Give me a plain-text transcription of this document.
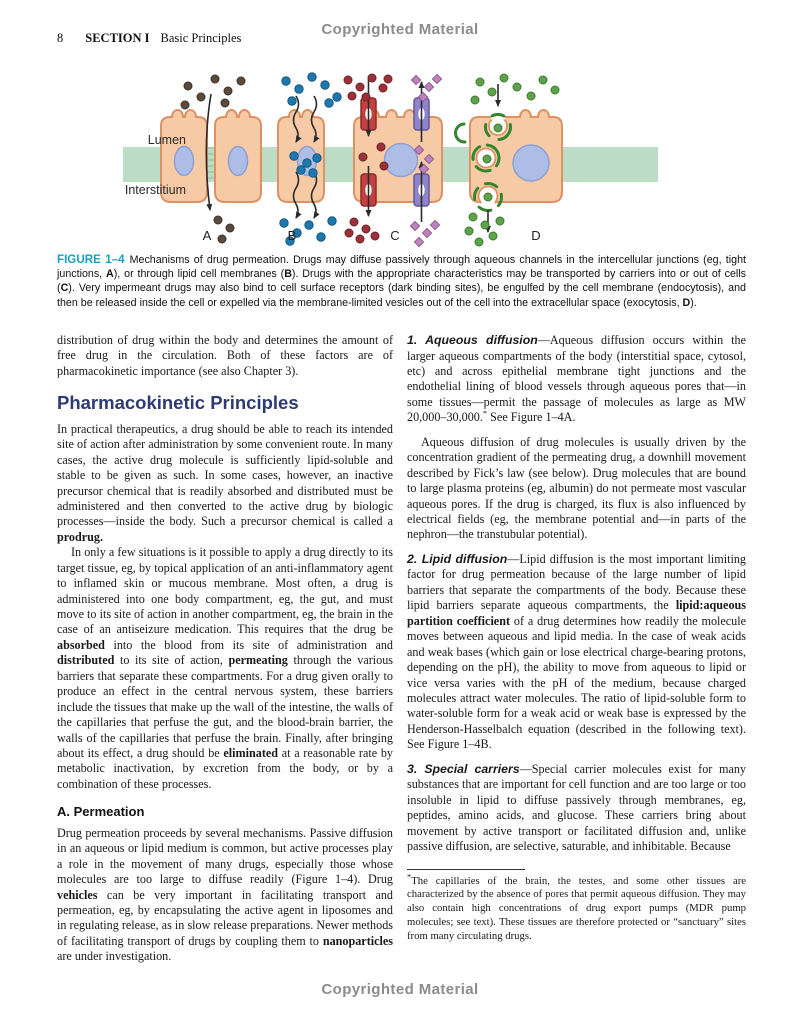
Copyrighted Material
8 SECTION I Basic Principles
Lumen
Interstitium
A	B	C	D
FIGURE 1–4 Mechanisms of drug permeation. Drugs may diffuse passively through aqueous channels in the intercellular junctions (eg, tight junctions, A), or through lipid cell membranes (B). Drugs with the appropriate characteristics may be transported by carriers into or out of cells (C). Very impermeant drugs may also bind to cell surface receptors (dark binding sites), be engulfed by the cell membrane (endocytosis), and then be released inside the cell or expelled via the membrane-limited vesicles out of the cell into the extracellular space (exocytosis, D).

distribution of drug within the body and determines the amount of free drug in the circulation. Both of these factors are of pharmacokinetic importance (see also Chapter 3).

Pharmacokinetic Principles

In practical therapeutics, a drug should be able to reach its intended site of action after administration by some convenient route. In many cases, the active drug molecule is sufficiently lipid-soluble and stable to be given as such. In some cases, however, an inactive precursor chemical that is readily absorbed and distributed must be administered and then converted to the active drug by biologic processes—inside the body. Such a precursor chemical is called a prodrug.

In only a few situations is it possible to apply a drug directly to its target tissue, eg, by topical application of an anti-inflammatory agent to inflamed skin or mucous membrane. Most often, a drug is administered into one body compartment, eg, the gut, and must move to its site of action in another compartment, eg, the brain in the case of an antiseizure medication. This requires that the drug be absorbed into the blood from its site of administration and distributed to its site of action, permeating through the various barriers that separate these compartments. For a drug given orally to produce an effect in the central nervous system, these barriers include the tissues that make up the wall of the intestine, the walls of the capillaries that perfuse the gut, and the blood-brain barrier, the walls of the capillaries that perfuse the brain. Finally, after bringing about its effect, a drug should be eliminated at a reasonable rate by metabolic inactivation, by excretion from the body, or by a combination of these processes.

A. Permeation

Drug permeation proceeds by several mechanisms. Passive diffusion in an aqueous or lipid medium is common, but active processes play a role in the movement of many drugs, especially those whose molecules are too large to diffuse readily (Figure 1–4). Drug vehicles can be very important in facilitating transport and permeation, eg, by encapsulating the active agent in liposomes and in regulating release, as in slow release preparations. Newer methods of facilitating transport of drugs by coupling them to nanoparticles are under investigation.

1. Aqueous diffusion—Aqueous diffusion occurs within the larger aqueous compartments of the body (interstitial space, cytosol, etc) and across epithelial membrane tight junctions and the endothelial lining of blood vessels through aqueous pores that—in some tissues—permit the passage of molecules as large as MW 20,000–30,000.* See Figure 1–4A.

Aqueous diffusion of drug molecules is usually driven by the concentration gradient of the permeating drug, a downhill movement described by Fick’s law (see below). Drug molecules that are bound to large plasma proteins (eg, albumin) do not permeate most vascular aqueous pores. If the drug is charged, its flux is also influenced by electrical fields (eg, the membrane potential and—in parts of the nephron—the transtubular potential).

2. Lipid diffusion—Lipid diffusion is the most important limiting factor for drug permeation because of the large number of lipid barriers that separate the compartments of the body. Because these lipid barriers separate aqueous compartments, the lipid:aqueous partition coefficient of a drug determines how readily the molecule moves between aqueous and lipid media. In the case of weak acids and weak bases (which gain or lose electrical charge-bearing protons, depending on the pH), the ability to move from aqueous to lipid or vice versa varies with the pH of the medium, because charged molecules attract water molecules. The ratio of lipid-soluble form to water-soluble form for a weak acid or weak base is expressed by the Henderson-Hasselbalch equation (described in the following text). See Figure 1–4B.

3. Special carriers—Special carrier molecules exist for many substances that are important for cell function and are too large or too insoluble in lipid to diffuse passively through membranes, eg, peptides, amino acids, and glucose. These carriers bring about movement by active transport or facilitated diffusion and, unlike passive diffusion, are selective, saturable, and inhibitable. Because

*The capillaries of the brain, the testes, and some other tissues are characterized by the absence of pores that permit aqueous diffusion. They may also contain high concentrations of drug export pumps (MDR pump molecules; see text). These tissues are therefore protected or “sanctuary” sites from many circulating drugs.

Copyrighted Material
